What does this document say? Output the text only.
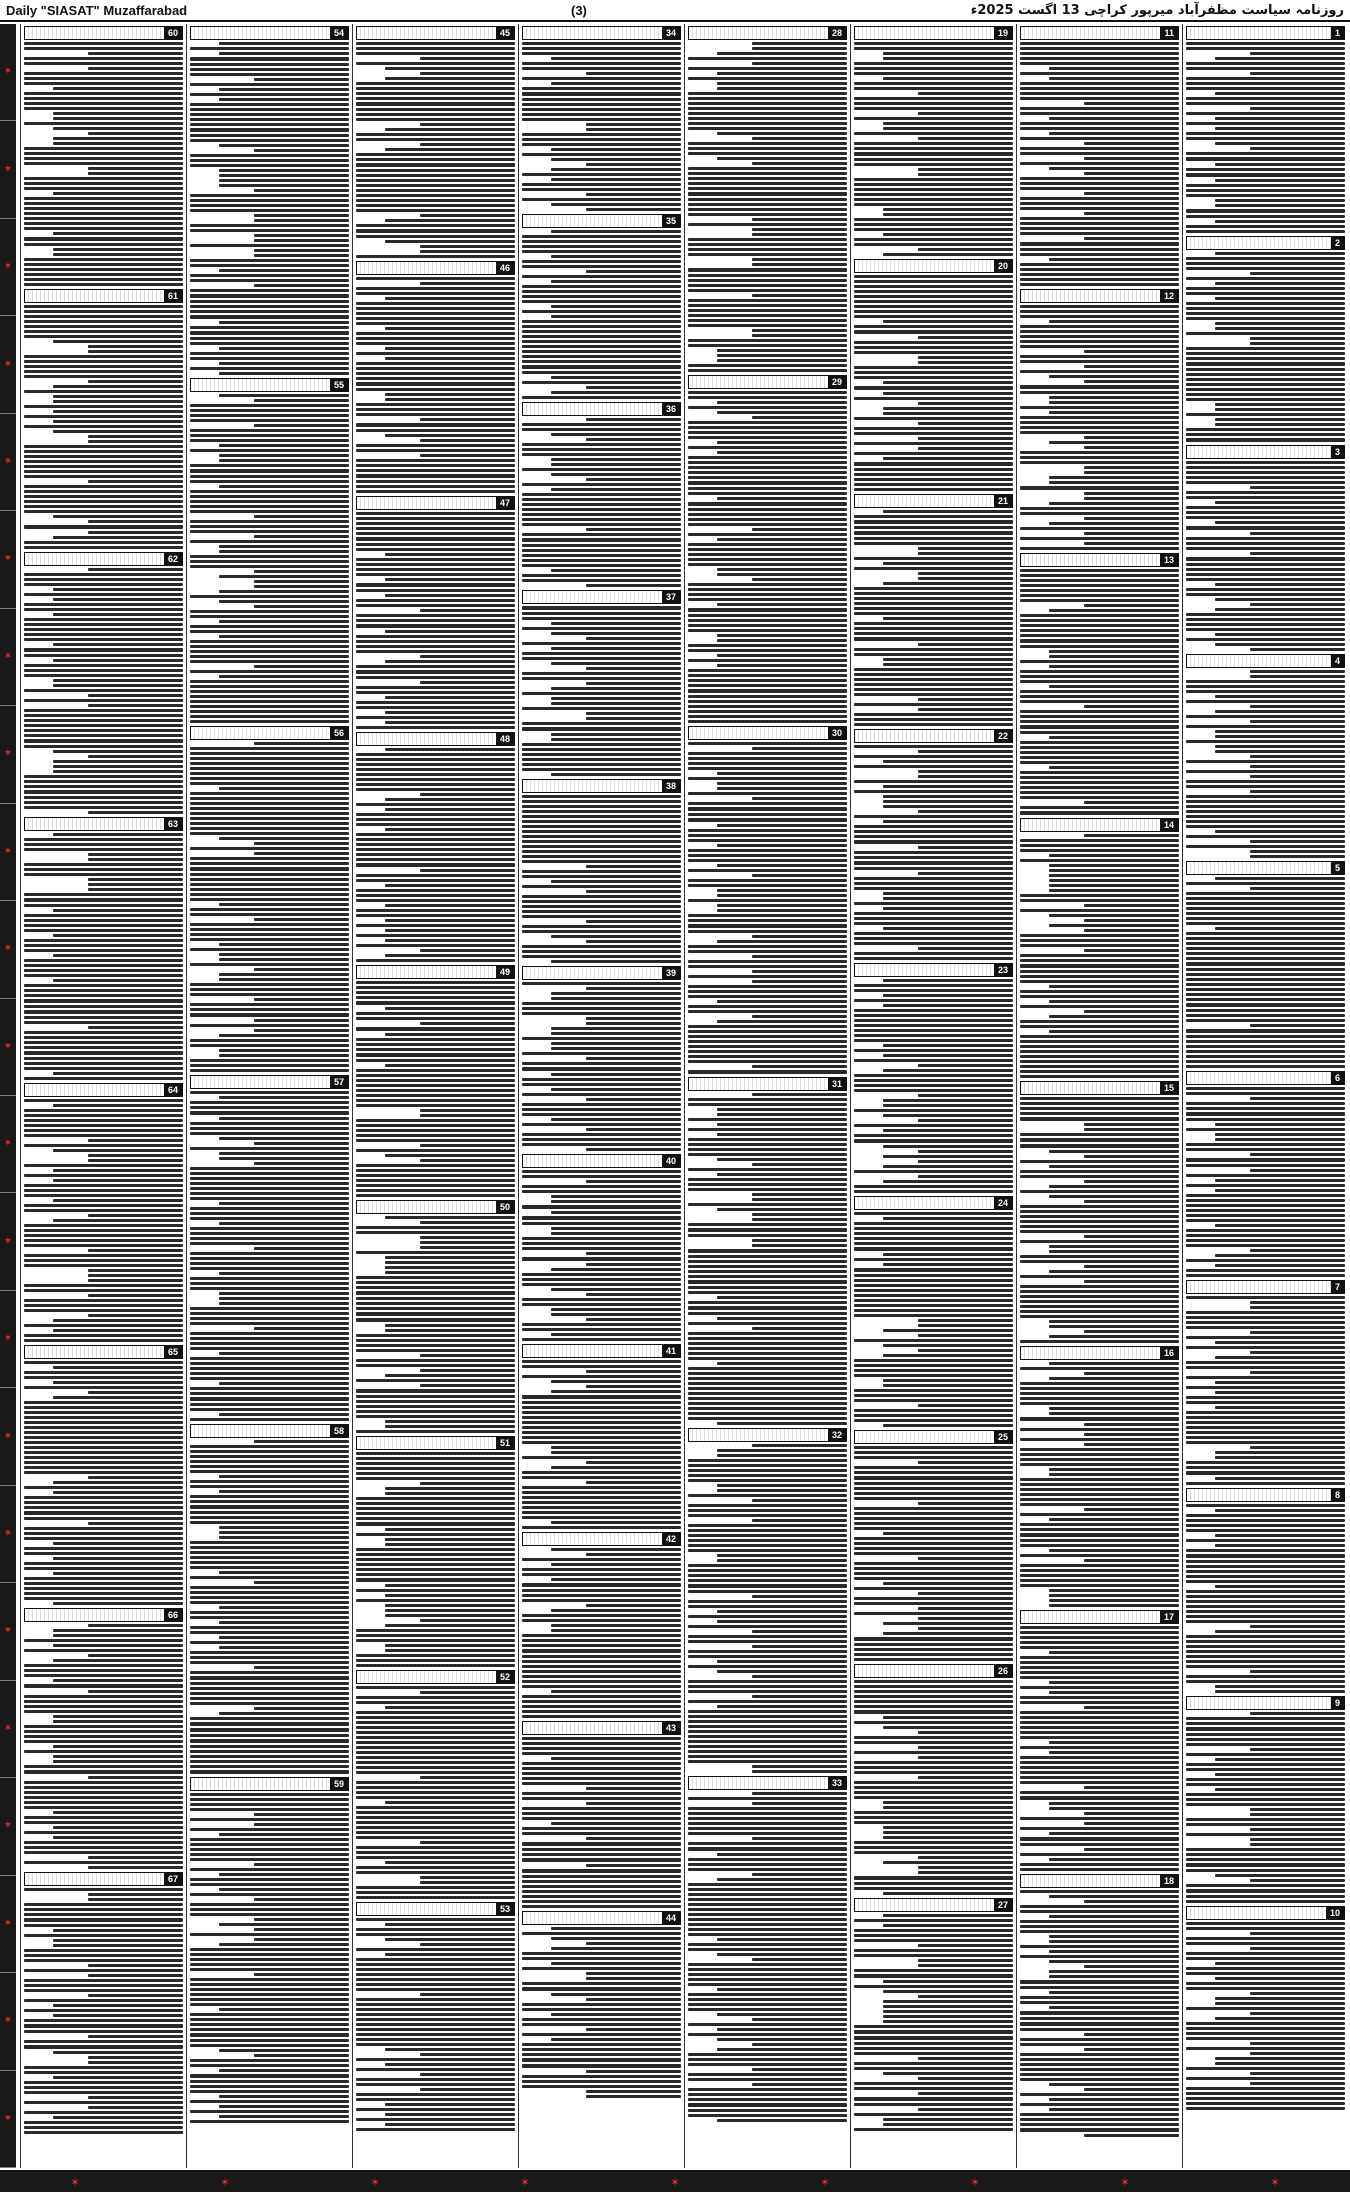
Daily "SIASAT" Muzaffarabad	(3)	روزنامہ سیاست مظفرآباد میرپور کراچی 13 اگست 2025ء
✶
✶
✶
✶
✶
✶
✶
✶
✶
✶
✶
✶
✶
✶
✶
✶
✶
✶
✶
✶
✶
✶
1
2
3
4
5
6
7
8
9
10
11
12
13
14
15
16
17
18
19
20
21
22
23
24
25
26
27
28
29
30
31
32
33
34
35
36
37
38
39
40
41
42
43
44
45
46
47
48
49
50
51
52
53
54
55
56
57
58
59
60
61
62
63
64
65
66
67
✶	✶	✶	✶	✶	✶	✶	✶	✶
